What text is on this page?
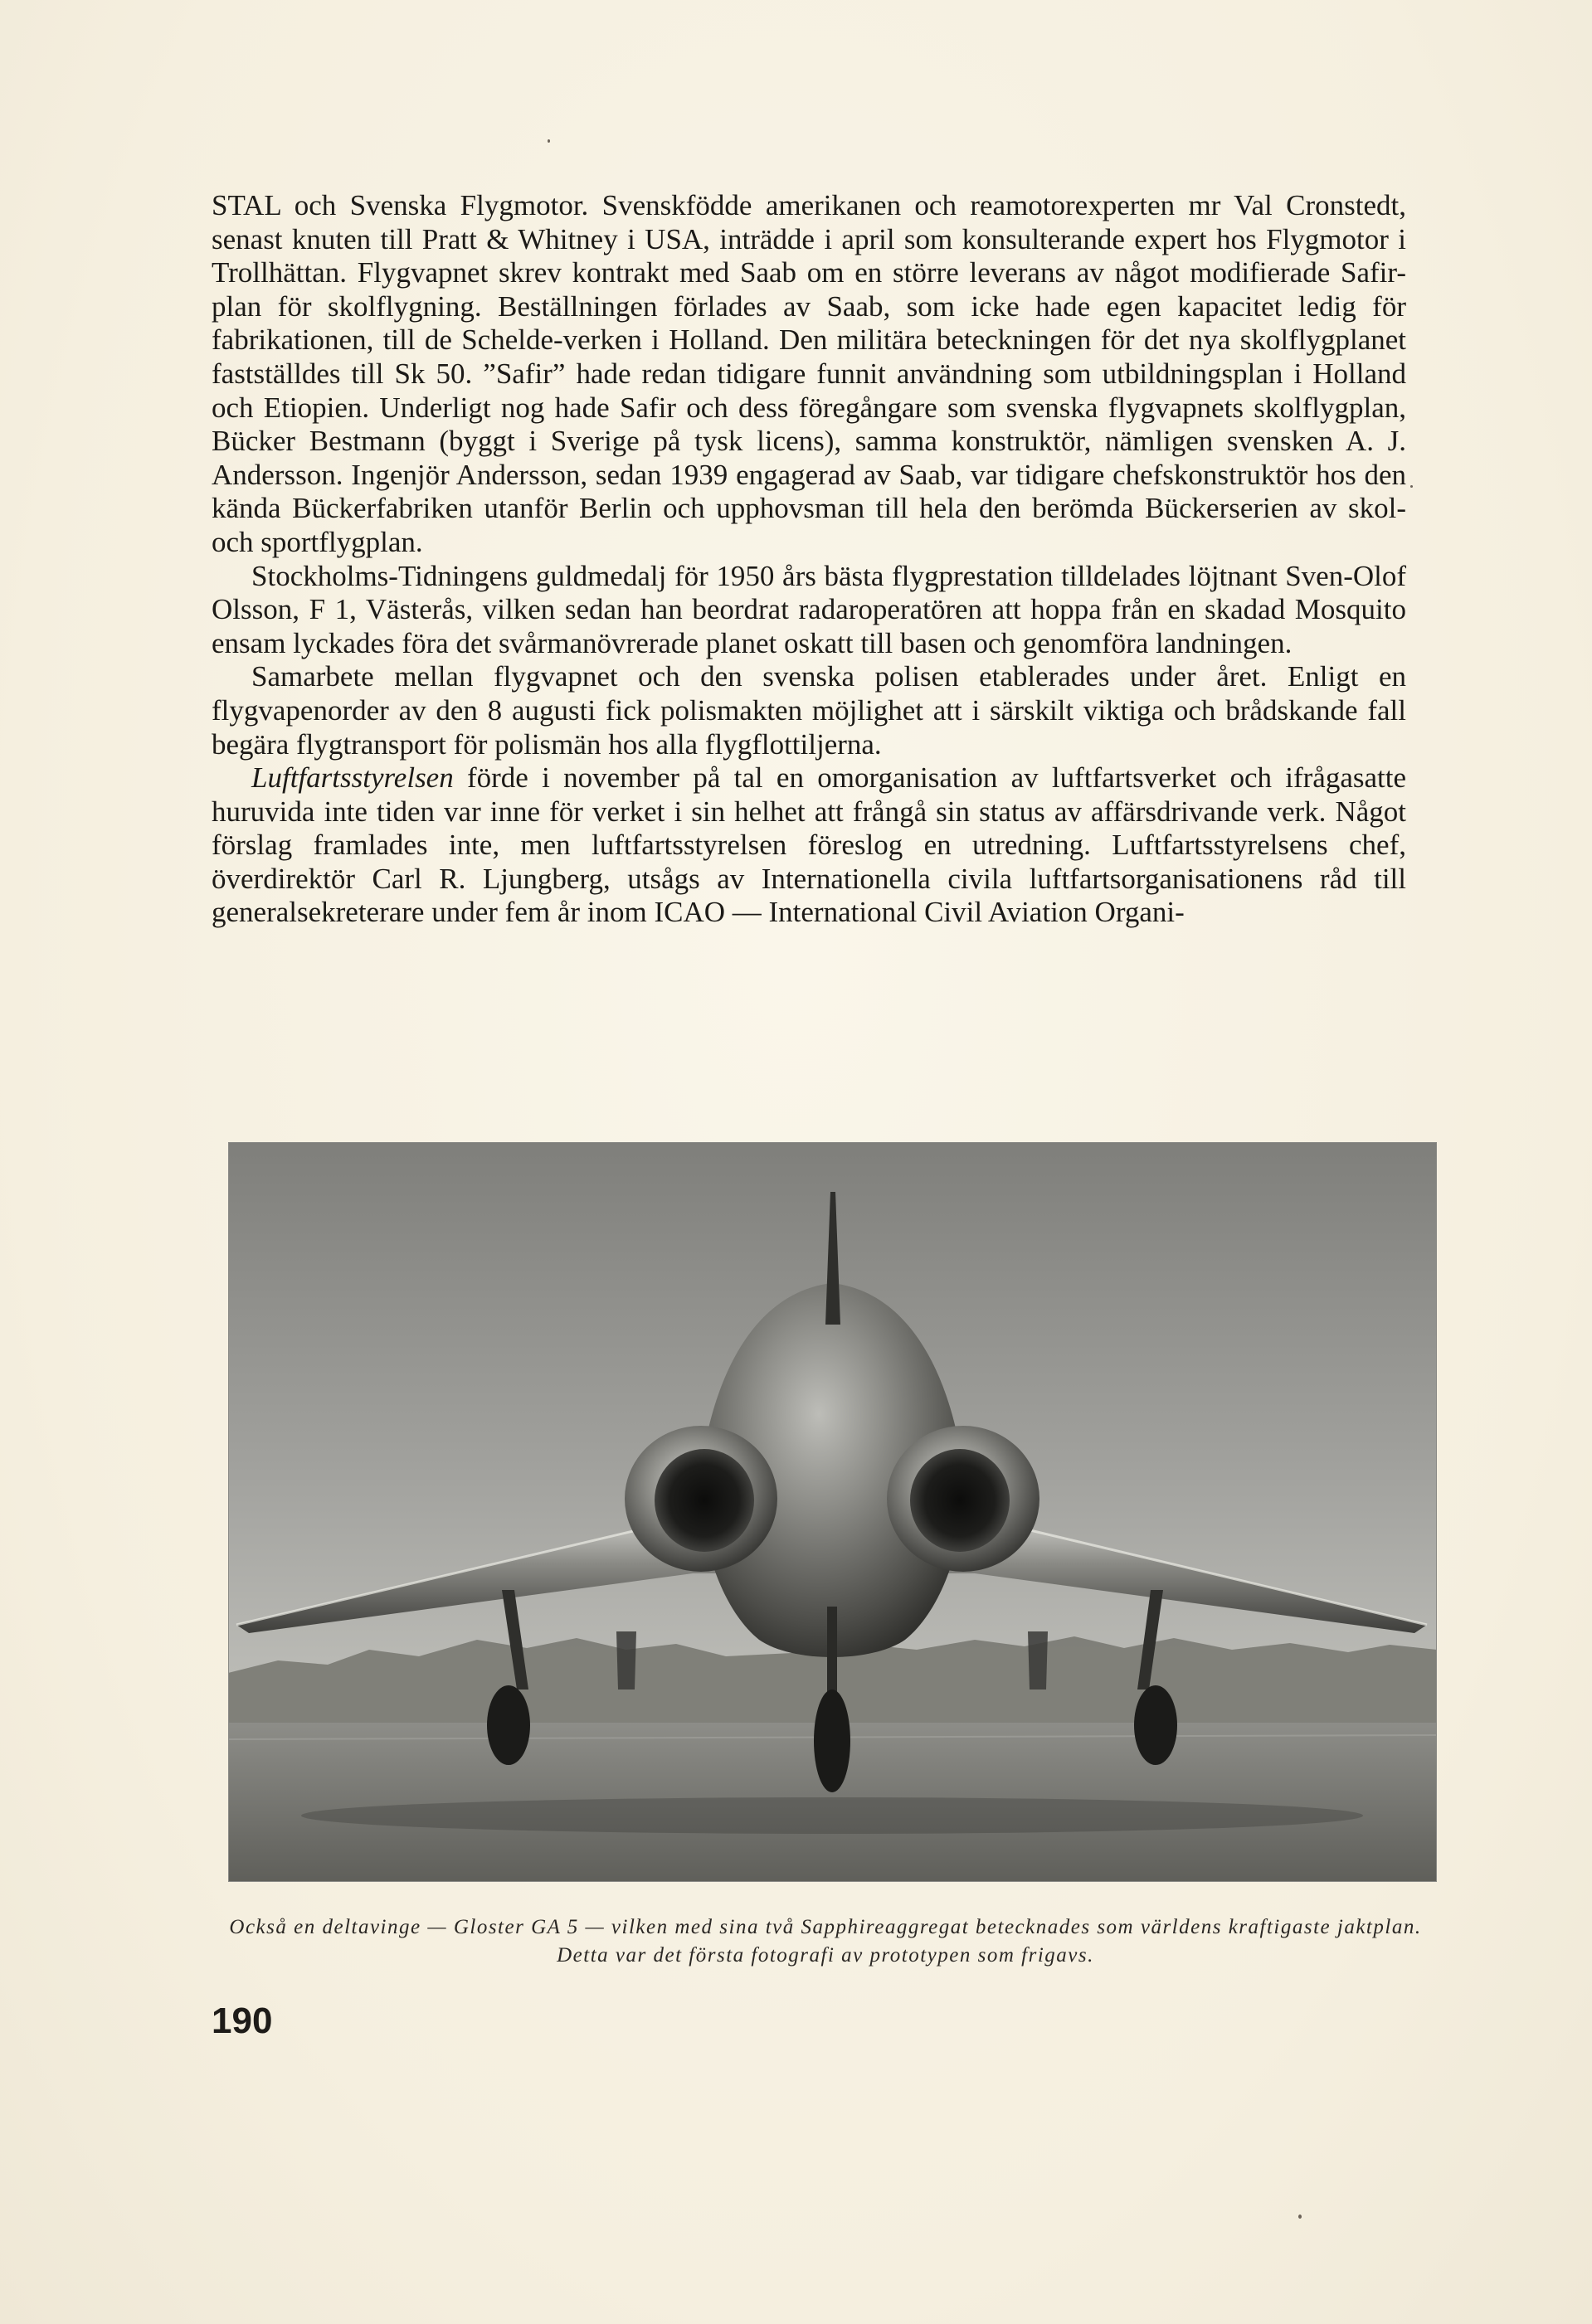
STAL och Svenska Flygmotor. Svenskfödde amerikanen och reamotorexperten mr Val Cronstedt, senast knuten till Pratt & Whitney i USA, inträdde i april som konsulterande expert hos Flygmotor i Trollhättan. Flygvapnet skrev kontrakt med Saab om en större leverans av något modifierade Safir-plan för skolflygning. Beställningen förlades av Saab, som icke hade egen kapacitet ledig för fabrikationen, till de Schelde-verken i Holland. Den militära beteckningen för det nya skolflygplanet fastställdes till Sk 50. ”Safir” hade redan tidigare funnit användning som utbildningsplan i Holland och Etiopien. Underligt nog hade Safir och dess föregångare som svenska flygvapnets skolflygplan, Bücker Bestmann (byggt i Sverige på tysk licens), samma konstruktör, nämligen svensken A. J. Andersson. Ingenjör Andersson, sedan 1939 engagerad av Saab, var tidigare chefskonstruktör hos den kända Bückerfabriken utanför Berlin och upphovsman till hela den berömda Bückerserien av skol- och sportflygplan.

Stockholms-Tidningens guldmedalj för 1950 års bästa flygprestation tilldelades löjtnant Sven-Olof Olsson, F 1, Västerås, vilken sedan han beordrat radaroperatören att hoppa från en skadad Mosquito ensam lyckades föra det svårmanövrerade planet oskatt till basen och genomföra landningen.

Samarbete mellan flygvapnet och den svenska polisen etablerades under året. Enligt en flygvapenorder av den 8 augusti fick polismakten möjlighet att i särskilt viktiga och brådskande fall begära flygtransport för polismän hos alla flygflottiljerna.

Luftfartsstyrelsen förde i november på tal en omorganisation av luftfartsverket och ifrågasatte huruvida inte tiden var inne för verket i sin helhet att frångå sin status av affärsdrivande verk. Något förslag framlades inte, men luftfartsstyrelsen föreslog en utredning. Luftfartsstyrelsens chef, överdirektör Carl R. Ljungberg, utsågs av Internationella civila luftfartsorganisationens råd till generalsekreterare under fem år inom ICAO — International Civil Aviation Organi-

Också en deltavinge — Gloster GA 5 — vilken med sina två Sapphireaggregat betecknades som världens kraftigaste jaktplan. Detta var det första fotografi av prototypen som frigavs.
190
